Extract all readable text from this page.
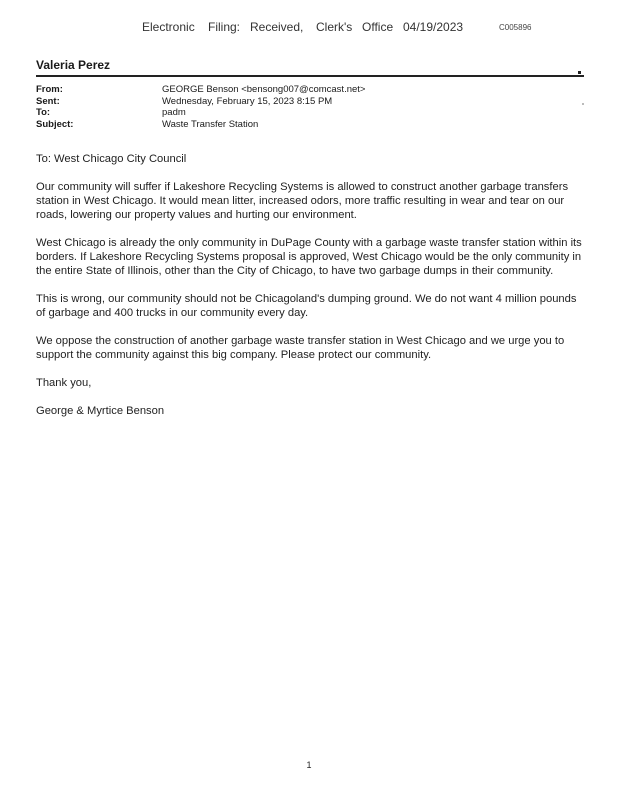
Electronic Filing: Received, Clerk's Office 04/19/2023	C005896
Valeria Perez
From:	GEORGE Benson <bensong007@comcast.net>
Sent:	Wednesday, February 15, 2023 8:15 PM
To:	padm
Subject:	Waste Transfer Station

To: West Chicago City Council

Our community will suffer if Lakeshore Recycling Systems is allowed to construct another garbage transfers station in West Chicago. It would mean litter, increased odors, more traffic resulting in wear and tear on our roads, lowering our property values and hurting our environment.

West Chicago is already the only community in DuPage County with a garbage waste transfer station within its borders. If Lakeshore Recycling Systems proposal is approved, West Chicago would be the only community in the entire State of Illinois, other than the City of Chicago, to have two garbage dumps in their community.

This is wrong, our community should not be Chicagoland's dumping ground. We do not want 4 million pounds of garbage and 400 trucks in our community every day.

We oppose the construction of another garbage waste transfer station in West Chicago and we urge you to support the community against this big company. Please protect our community.

Thank you,

George & Myrtice Benson

1
